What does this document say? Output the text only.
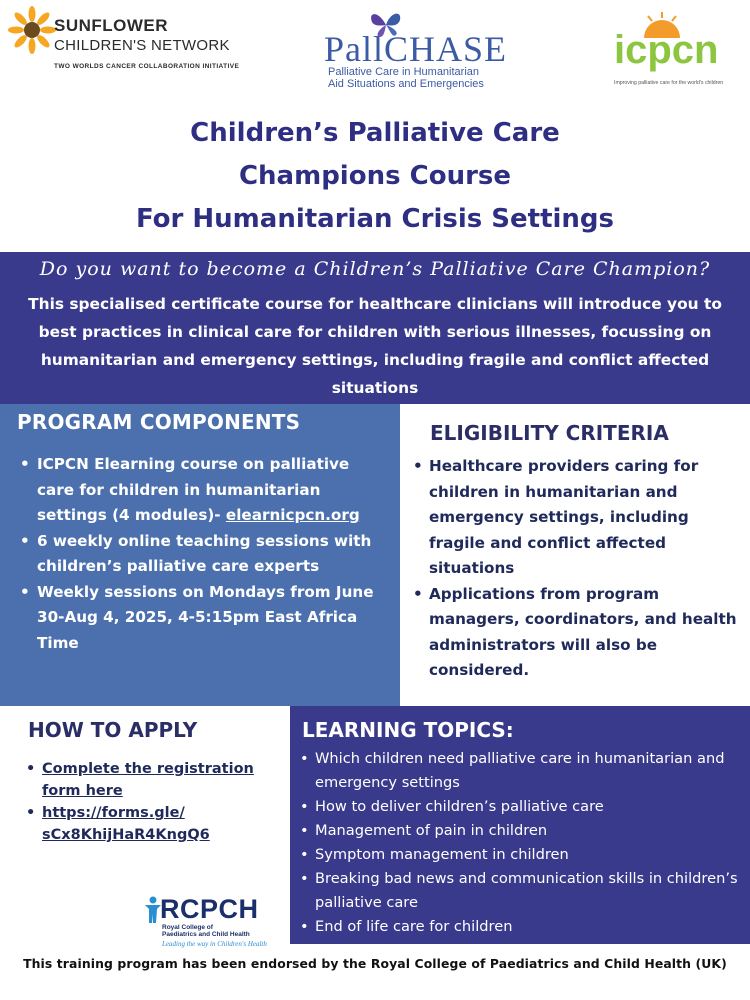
SUNFLOWER
CHILDREN'S NETWORK
TWO WORLDS CANCER COLLABORATION INITIATIVE PallCHASE
Palliative Care in Humanitarian
Aid Situations and Emergencies
icpcn
Improving palliative care for the world's children
Children’s Palliative Care
Champions Course
For Humanitarian Crisis Settings
Do you want to become a Children’s Palliative Care Champion?
This specialised certificate course for healthcare clinicians will introduce you to best practices in clinical care for children with serious illnesses, focussing on humanitarian and emergency settings, including fragile and conflict affected situations
PROGRAM COMPONENTS
• ICPCN Elearning course on palliative care for children in humanitarian settings (4 modules)- elearnicpcn.org
• 6 weekly online teaching sessions with children’s palliative care experts
• Weekly sessions on Mondays from June 30-Aug 4, 2025, 4-5:15pm East Africa Time
ELIGIBILITY CRITERIA
• Healthcare providers caring for children in humanitarian and emergency settings, including fragile and conflict affected situations
• Applications from program managers, coordinators, and health administrators will also be considered.
HOW TO APPLY
• Complete the registration form here
• https://forms.gle/ sCx8KhijHaR4KngQ6
RCPCH
Royal College of
Paediatrics and Child Health
Leading the way in Children's Health
LEARNING TOPICS:
• Which children need palliative care in humanitarian and emergency settings
• How to deliver children’s palliative care
• Management of pain in children
• Symptom management in children
• Breaking bad news and communication skills in children’s palliative care
• End of life care for children
This training program has been endorsed by the Royal College of Paediatrics and Child Health (UK)
